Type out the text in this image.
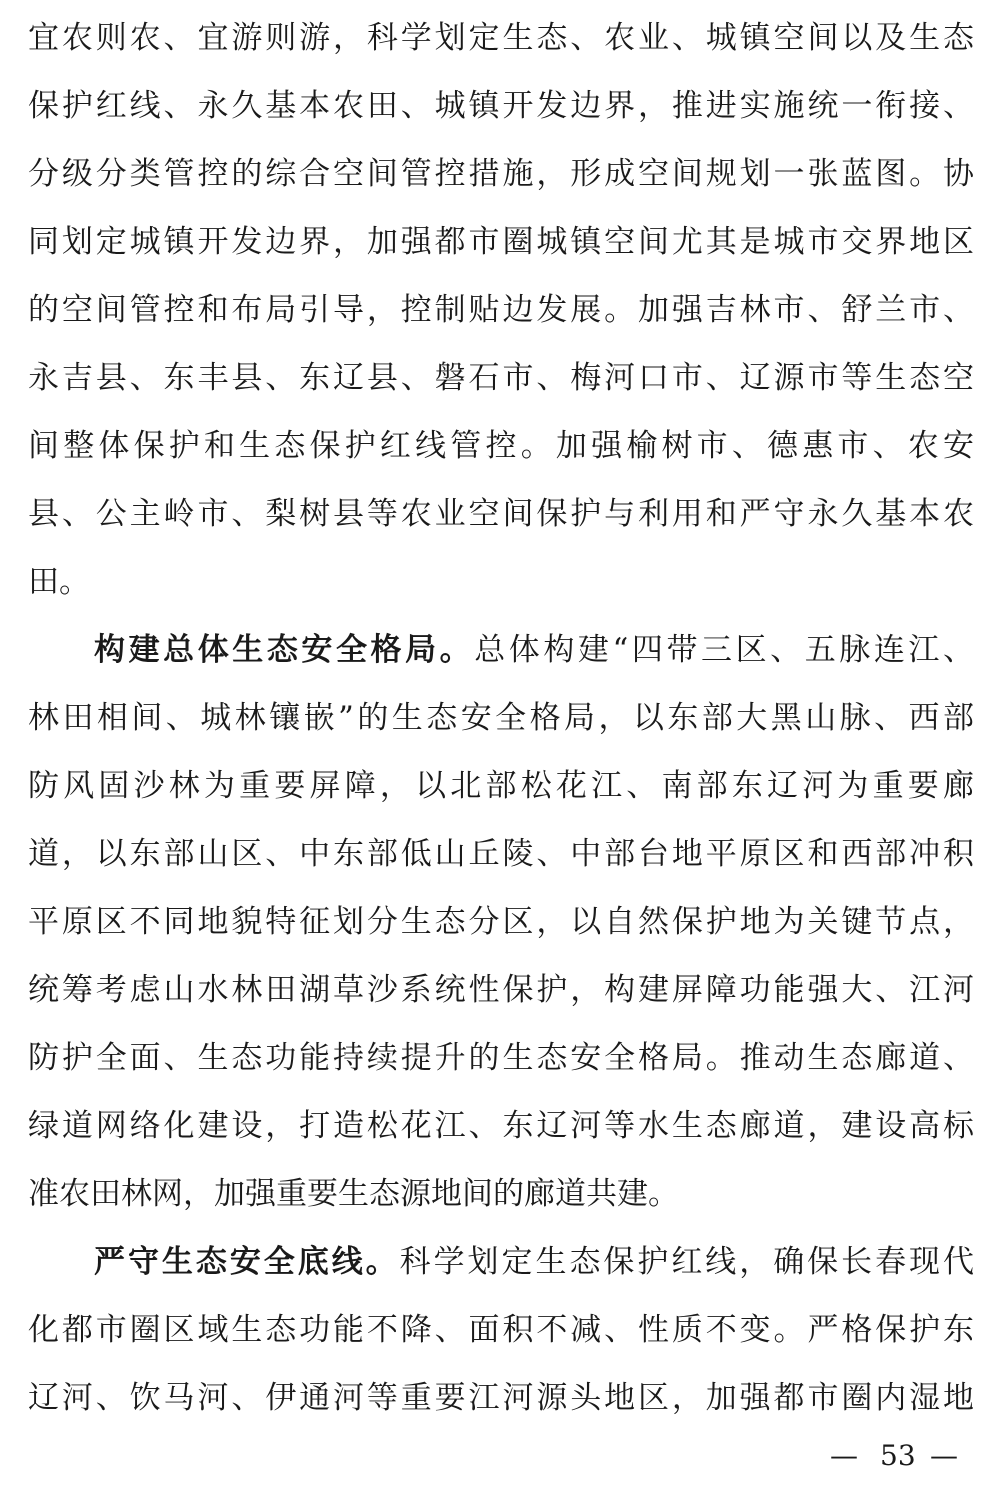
宜农则农、宜游则游，科学划定生态、农业、城镇空间以及生态
保护红线、永久基本农田、城镇开发边界，推进实施统一衔接、
分级分类管控的综合空间管控措施，形成空间规划一张蓝图。协
同划定城镇开发边界，加强都市圈城镇空间尤其是城市交界地区
的空间管控和布局引导，控制贴边发展。加强吉林市、舒兰市、
永吉县、东丰县、东辽县、磐石市、梅河口市、辽源市等生态空
间整体保护和生态保护红线管控。加强榆树市、德惠市、农安
县、公主岭市、梨树县等农业空间保护与利用和严守永久基本农
田。
构建总体生态安全格局。总体构建“四带三区、五脉连江、
林田相间、城林镶嵌”的生态安全格局，以东部大黑山脉、西部
防风固沙林为重要屏障，以北部松花江、南部东辽河为重要廊
道，以东部山区、中东部低山丘陵、中部台地平原区和西部冲积
平原区不同地貌特征划分生态分区，以自然保护地为关键节点，
统筹考虑山水林田湖草沙系统性保护，构建屏障功能强大、江河
防护全面、生态功能持续提升的生态安全格局。推动生态廊道、
绿道网络化建设，打造松花江、东辽河等水生态廊道，建设高标
准农田林网，加强重要生态源地间的廊道共建。
严守生态安全底线。科学划定生态保护红线，确保长春现代
化都市圈区域生态功能不降、面积不减、性质不变。严格保护东
辽河、饮马河、伊通河等重要江河源头地区，加强都市圈内湿地
— 53 —
